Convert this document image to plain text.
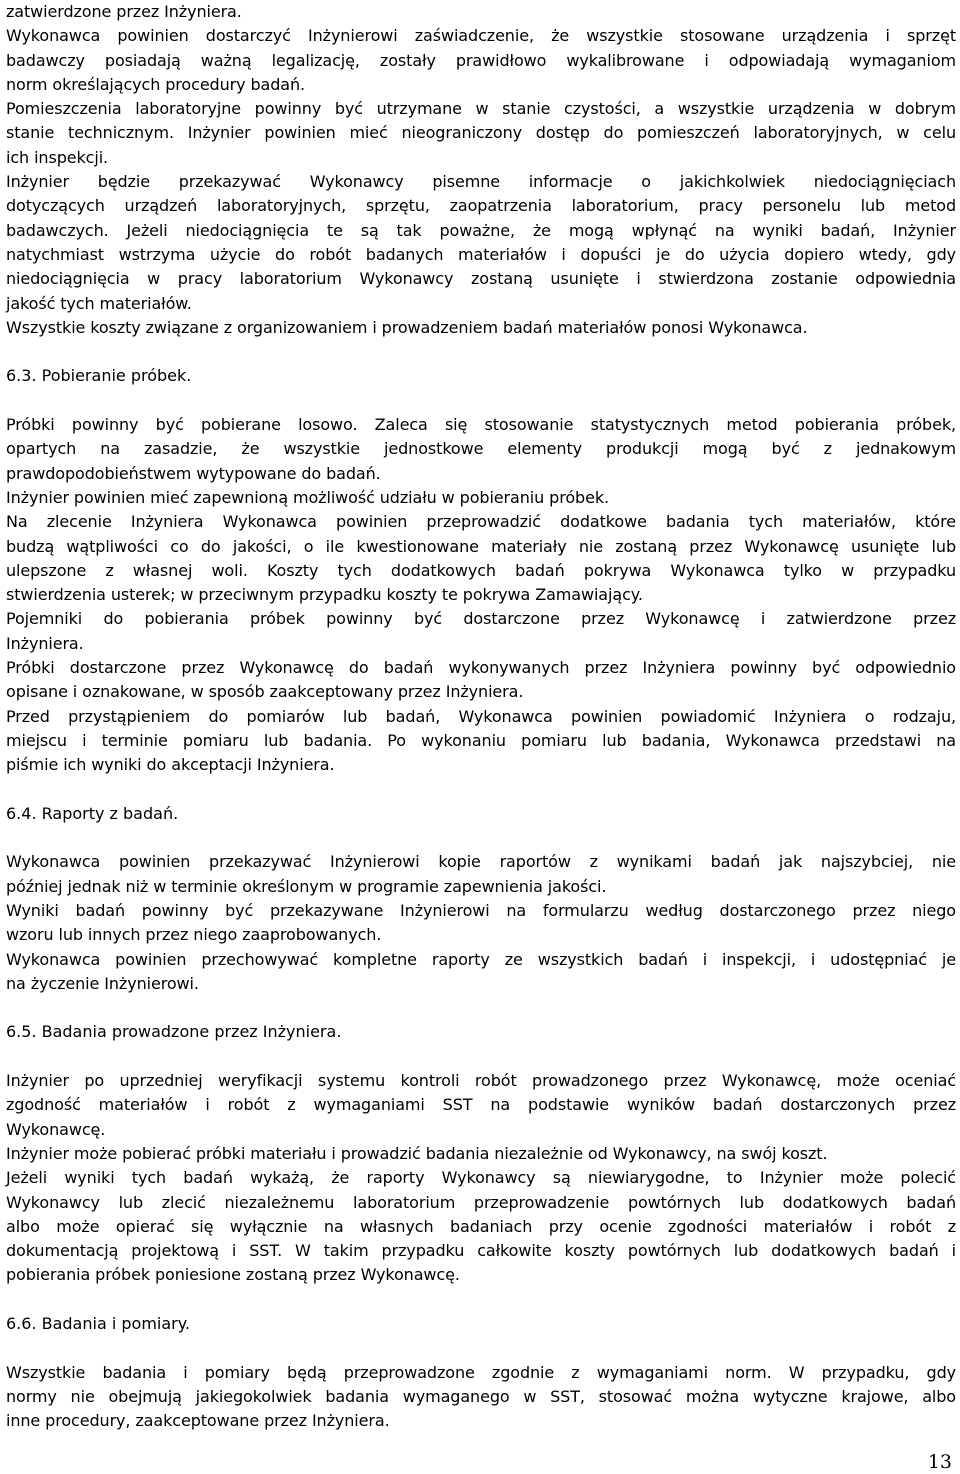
zatwierdzone przez Inżyniera.
Wykonawca powinien dostarczyć Inżynierowi zaświadczenie, że wszystkie stosowane urządzenia i sprzęt
badawczy posiadają ważną legalizację, zostały prawidłowo wykalibrowane i odpowiadają wymaganiom
norm określających procedury badań.
Pomieszczenia laboratoryjne powinny być utrzymane w stanie czystości, a wszystkie urządzenia w dobrym
stanie technicznym. Inżynier powinien mieć nieograniczony dostęp do pomieszczeń laboratoryjnych, w celu
ich inspekcji.
Inżynier będzie przekazywać Wykonawcy pisemne informacje o jakichkolwiek niedociągnięciach
dotyczących urządzeń laboratoryjnych, sprzętu, zaopatrzenia laboratorium, pracy personelu lub metod
badawczych. Jeżeli niedociągnięcia te są tak poważne, że mogą wpłynąć na wyniki badań, Inżynier
natychmiast wstrzyma użycie do robót badanych materiałów i dopuści je do użycia dopiero wtedy, gdy
niedociągnięcia w pracy laboratorium Wykonawcy zostaną usunięte i stwierdzona zostanie odpowiednia
jakość tych materiałów.
Wszystkie koszty związane z organizowaniem i prowadzeniem badań materiałów ponosi Wykonawca.
6.3. Pobieranie próbek.
Próbki powinny być pobierane losowo. Zaleca się stosowanie statystycznych metod pobierania próbek,
opartych na zasadzie, że wszystkie jednostkowe elementy produkcji mogą być z jednakowym
prawdopodobieństwem wytypowane do badań.
Inżynier powinien mieć zapewnioną możliwość udziału w pobieraniu próbek.
Na zlecenie Inżyniera Wykonawca powinien przeprowadzić dodatkowe badania tych materiałów, które
budzą wątpliwości co do jakości, o ile kwestionowane materiały nie zostaną przez Wykonawcę usunięte lub
ulepszone z własnej woli. Koszty tych dodatkowych badań pokrywa Wykonawca tylko w przypadku
stwierdzenia usterek; w przeciwnym przypadku koszty te pokrywa Zamawiający.
Pojemniki do pobierania próbek powinny być dostarczone przez Wykonawcę i zatwierdzone przez
Inżyniera.
Próbki dostarczone przez Wykonawcę do badań wykonywanych przez Inżyniera powinny być odpowiednio
opisane i oznakowane, w sposób zaakceptowany przez Inżyniera.
Przed przystąpieniem do pomiarów lub badań, Wykonawca powinien powiadomić Inżyniera o rodzaju,
miejscu i terminie pomiaru lub badania. Po wykonaniu pomiaru lub badania, Wykonawca przedstawi na
piśmie ich wyniki do akceptacji Inżyniera.
6.4. Raporty z badań.
Wykonawca powinien przekazywać Inżynierowi kopie raportów z wynikami badań jak najszybciej, nie
później jednak niż w terminie określonym w programie zapewnienia jakości.
Wyniki badań powinny być przekazywane Inżynierowi na formularzu według dostarczonego przez niego
wzoru lub innych przez niego zaaprobowanych.
Wykonawca powinien przechowywać kompletne raporty ze wszystkich badań i inspekcji, i udostępniać je
na życzenie Inżynierowi.
6.5. Badania prowadzone przez Inżyniera.
Inżynier po uprzedniej weryfikacji systemu kontroli robót prowadzonego przez Wykonawcę, może oceniać
zgodność materiałów i robót z wymaganiami SST na podstawie wyników badań dostarczonych przez
Wykonawcę.
Inżynier może pobierać próbki materiału i prowadzić badania niezależnie od Wykonawcy, na swój koszt.
Jeżeli wyniki tych badań wykażą, że raporty Wykonawcy są niewiarygodne, to Inżynier może polecić
Wykonawcy lub zlecić niezależnemu laboratorium przeprowadzenie powtórnych lub dodatkowych badań
albo może opierać się wyłącznie na własnych badaniach przy ocenie zgodności materiałów i robót z
dokumentacją projektową i SST. W takim przypadku całkowite koszty powtórnych lub dodatkowych badań i
pobierania próbek poniesione zostaną przez Wykonawcę.
6.6. Badania i pomiary.
Wszystkie badania i pomiary będą przeprowadzone zgodnie z wymaganiami norm. W przypadku, gdy
normy nie obejmują jakiegokolwiek badania wymaganego w SST, stosować można wytyczne krajowe, albo
inne procedury, zaakceptowane przez Inżyniera.
13
